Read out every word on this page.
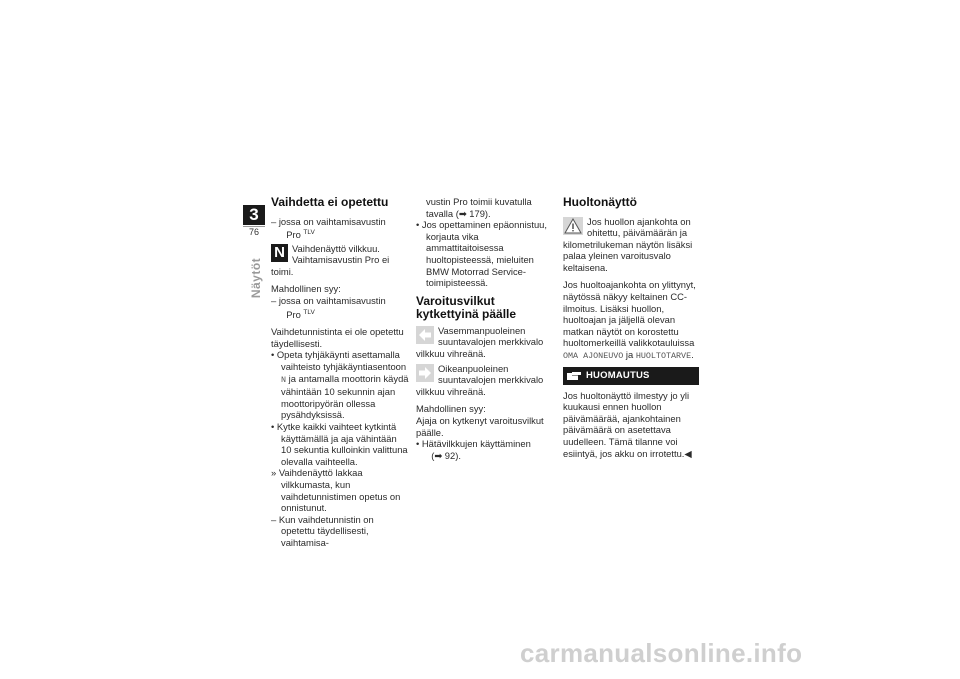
3
76
Näytöt
Vaihdetta ei opetettu

– jossa on vaihtamisavustin
Pro $^{TLV}$

N Vaihdenäyttö vilkkuu. Vaihtamisavustin Pro ei toimi.

Mahdollinen syy:

– jossa on vaihtamisavustin
Pro $^{TLV}$

Vaihdetunnistinta ei ole opetettu täydellisesti.

• Opeta tyhjäkäynti asettamalla vaihteisto tyhjäkäyntiasentoon N ja antamalla moottorin käydä vähintään 10 sekunnin ajan moottoripyörän ollessa pysähdyksissä.

• Kytke kaikki vaihteet kytkintä käyttämällä ja aja vähintään 10 sekuntia kulloinkin valittuna olevalla vaihteella.

» Vaihdenäyttö lakkaa vilkkumasta, kun vaihdetunnistimen opetus on onnistunut.

– Kun vaihdetunnistin on opetettu täydellisesti, vaihtamisa-

vustin Pro toimii kuvatulla tavalla (➡ 179).

• Jos opettaminen epäonnistuu, korjauta vika ammattitaitoisessa huoltopisteessä, mieluiten BMW Motorrad Service-toimipisteessä.

Varoitusvilkut kytkettyinä päälle

Vasemmanpuoleinen suuntavalojen merkkivalo vilkkuu vihreänä.

Oikeanpuoleinen suuntavalojen merkkivalo vilkkuu vihreänä.

Mahdollinen syy:

Ajaja on kytkenyt varoitusvilkut päälle.

• Hätävilkkujen käyttäminen
(➡ 92).

Huoltonäyttö

Jos huollon ajankohta on ohitettu, päivämäärän ja kilometrilukeman näytön lisäksi palaa yleinen varoitusvalo keltaisena.

Jos huoltoajankohta on ylittynyt, näytössä näkyy keltainen CC-ilmoitus. Lisäksi huollon, huoltoajan ja jäljellä olevan matkan näytöt on korostettu huoltomerkeillä valikkotauluissa OMA AJONEUVO ja HUOLTOTARVE.

HUOMAUTUS

Jos huoltonäyttö ilmestyy jo yli kuukausi ennen huollon päivämäärää, ajankohtainen päivämäärä on asetettava uudelleen. Tämä tilanne voi esiintyä, jos akku on irrotettu.◀

carmanualsonline.info
